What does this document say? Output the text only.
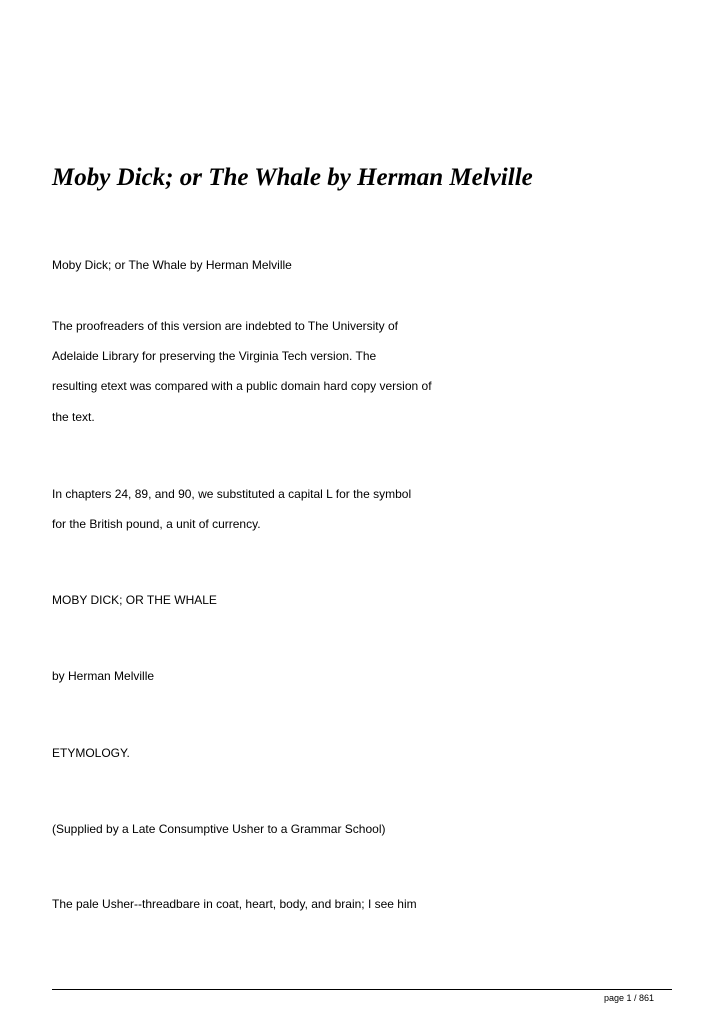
Moby Dick; or The Whale by Herman Melville

Moby Dick; or The Whale by Herman Melville

The proofreaders of this version are indebted to The University of

Adelaide Library for preserving the Virginia Tech version. The

resulting etext was compared with a public domain hard copy version of

the text.

In chapters 24, 89, and 90, we substituted a capital L for the symbol

for the British pound, a unit of currency.

MOBY DICK; OR THE WHALE

by Herman Melville

ETYMOLOGY.

(Supplied by a Late Consumptive Usher to a Grammar School)

The pale Usher--threadbare in coat, heart, body, and brain; I see him

page 1 / 861
